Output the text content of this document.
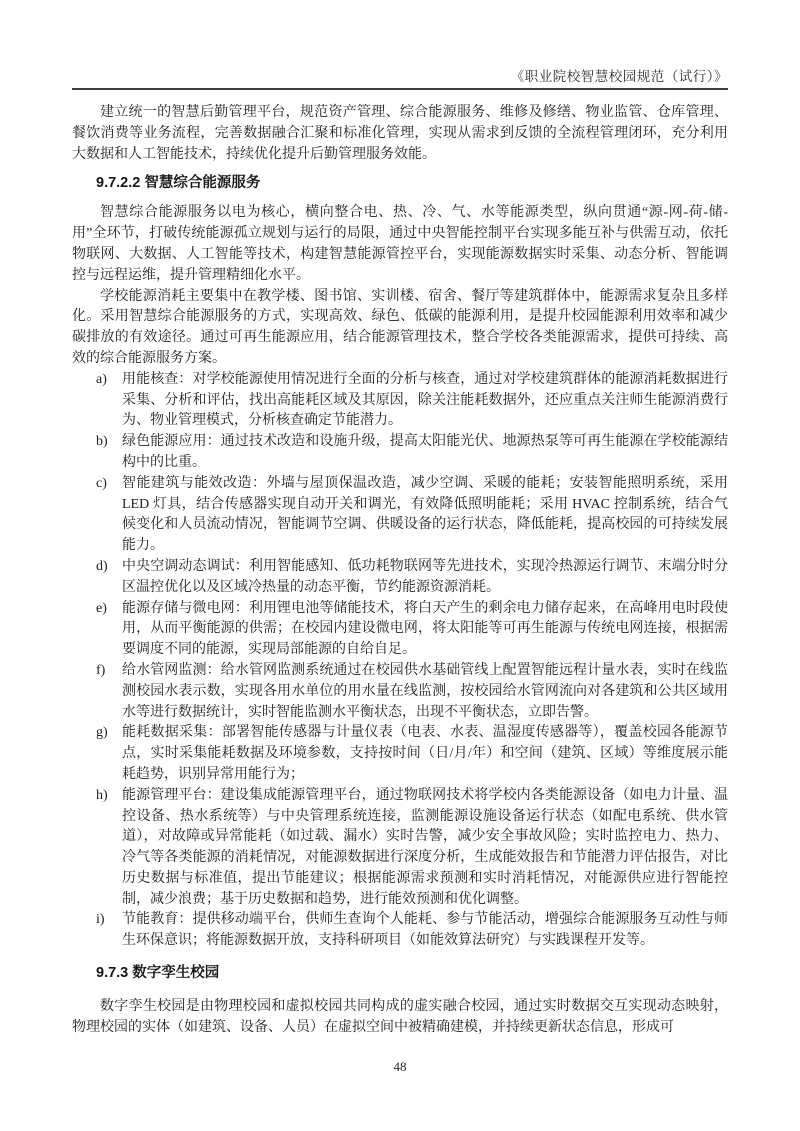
《职业院校智慧校园规范（试行）》

建立统一的智慧后勤管理平台，规范资产管理、综合能源服务、维修及修缮、物业监管、仓库管理、餐饮消费等业务流程，完善数据融合汇聚和标准化管理，实现从需求到反馈的全流程管理闭环，充分利用大数据和人工智能技术，持续优化提升后勤管理服务效能。

9.7.2.2 智慧综合能源服务

智慧综合能源服务以电为核心，横向整合电、热、冷、气、水等能源类型，纵向贯通“源-网-荷-储-用”全环节，打破传统能源孤立规划与运行的局限，通过中央智能控制平台实现多能互补与供需互动，依托物联网、大数据、人工智能等技术，构建智慧能源管控平台，实现能源数据实时采集、动态分析、智能调控与远程运维，提升管理精细化水平。

学校能源消耗主要集中在教学楼、图书馆、实训楼、宿舍、餐厅等建筑群体中，能源需求复杂且多样化。采用智慧综合能源服务的方式，实现高效、绿色、低碳的能源利用，是提升校园能源利用效率和减少碳排放的有效途径。通过可再生能源应用，结合能源管理技术，整合学校各类能源需求，提供可持续、高效的综合能源服务方案。

a)	用能核查：对学校能源使用情况进行全面的分析与核查，通过对学校建筑群体的能源消耗数据进行采集、分析和评估，找出高能耗区域及其原因，除关注能耗数据外，还应重点关注师生能源消费行为、物业管理模式，分析核查确定节能潜力。
b)	绿色能源应用：通过技术改造和设施升级，提高太阳能光伏、地源热泵等可再生能源在学校能源结构中的比重。
c)	智能建筑与能效改造：外墙与屋顶保温改造，减少空调、采暖的能耗；安装智能照明系统，采用 LED 灯具，结合传感器实现自动开关和调光，有效降低照明能耗；采用 HVAC 控制系统，结合气候变化和人员流动情况，智能调节空调、供暖设备的运行状态，降低能耗，提高校园的可持续发展能力。
d)	中央空调动态调试：利用智能感知、低功耗物联网等先进技术，实现冷热源运行调节、末端分时分区温控优化以及区域冷热量的动态平衡，节约能源资源消耗。
e)	能源存储与微电网：利用锂电池等储能技术，将白天产生的剩余电力储存起来，在高峰用电时段使用，从而平衡能源的供需；在校园内建设微电网，将太阳能等可再生能源与传统电网连接，根据需要调度不同的能源，实现局部能源的自给自足。
f)	给水管网监测：给水管网监测系统通过在校园供水基础管线上配置智能远程计量水表，实时在线监测校园水表示数，实现各用水单位的用水量在线监测，按校园给水管网流向对各建筑和公共区域用水等进行数据统计，实时智能监测水平衡状态，出现不平衡状态，立即告警。
g)	能耗数据采集：部署智能传感器与计量仪表（电表、水表、温湿度传感器等），覆盖校园各能源节点，实时采集能耗数据及环境参数，支持按时间（日/月/年）和空间（建筑、区域）等维度展示能耗趋势，识别异常用能行为；
h)	能源管理平台：建设集成能源管理平台，通过物联网技术将学校内各类能源设备（如电力计量、温控设备、热水系统等）与中央管理系统连接，监测能源设施设备运行状态（如配电系统、供水管道），对故障或异常能耗（如过载、漏水）实时告警，减少安全事故风险；实时监控电力、热力、冷气等各类能源的消耗情况，对能源数据进行深度分析，生成能效报告和节能潜力评估报告，对比历史数据与标准值，提出节能建议；根据能源需求预测和实时消耗情况，对能源供应进行智能控制，减少浪费；基于历史数据和趋势，进行能效预测和优化调整。
i)	节能教育：提供移动端平台，供师生查询个人能耗、参与节能活动，增强综合能源服务互动性与师生环保意识；将能源数据开放，支持科研项目（如能效算法研究）与实践课程开发等。
9.7.3 数字孪生校园

数字孪生校园是由物理校园和虚拟校园共同构成的虚实融合校园，通过实时数据交互实现动态映射，物理校园的实体（如建筑、设备、人员）在虚拟空间中被精确建模，并持续更新状态信息，形成可

48
